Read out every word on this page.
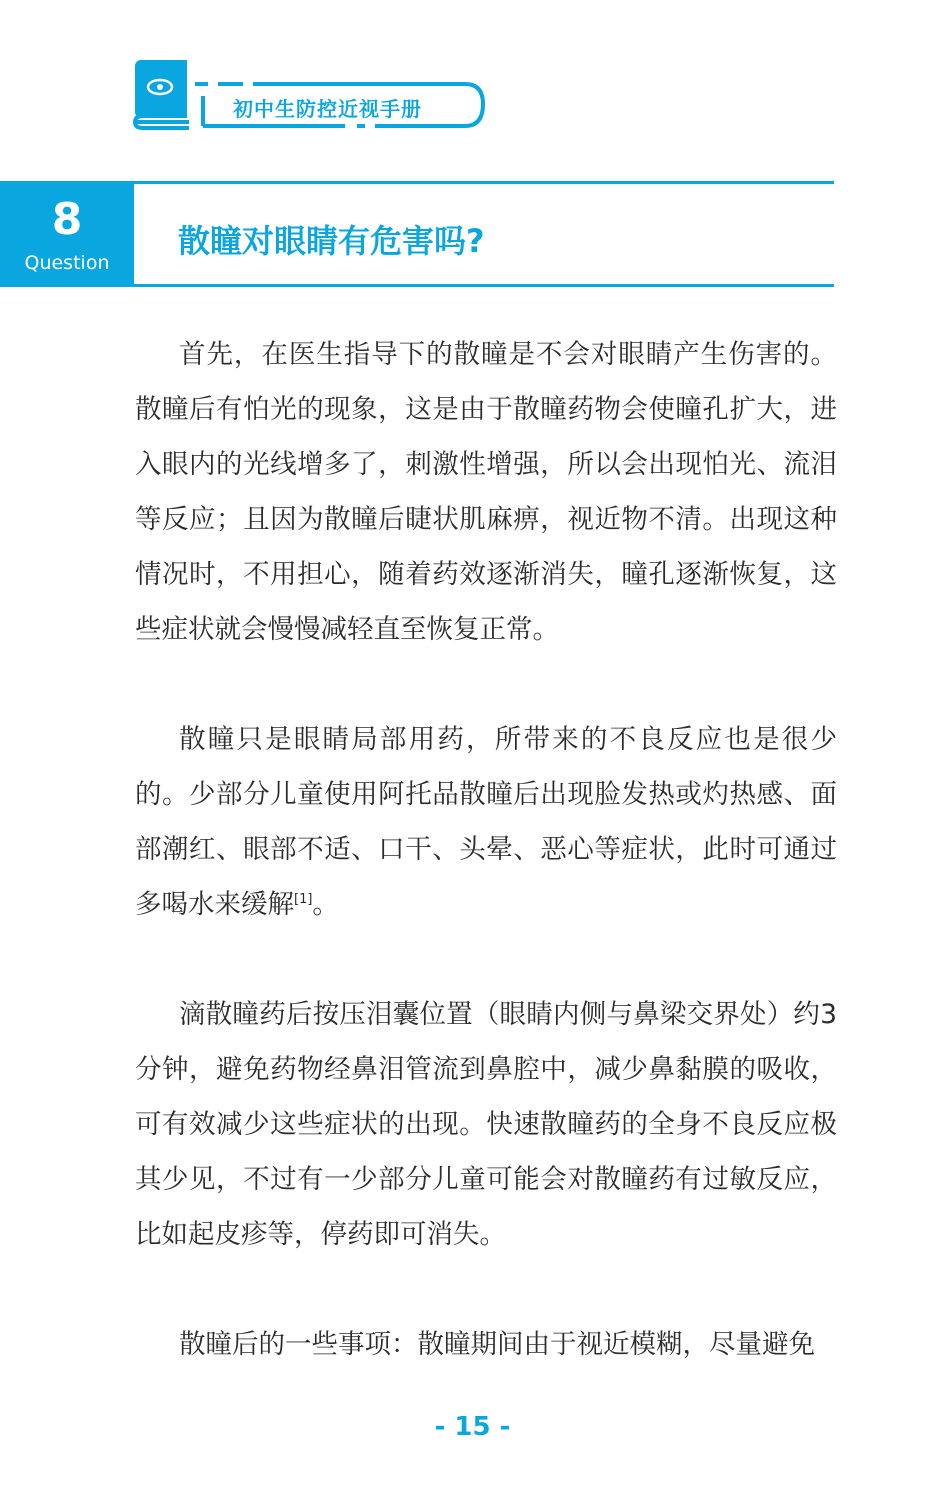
初中生防控近视手册
8
Question
散瞳对眼睛有危害吗?

首先，在医生指导下的散瞳是不会对眼睛产生伤害的。散瞳后有怕光的现象，这是由于散瞳药物会使瞳孔扩大，进入眼内的光线增多了，刺激性增强，所以会出现怕光、流泪等反应；且因为散瞳后睫状肌麻痹，视近物不清。出现这种情况时，不用担心，随着药效逐渐消失，瞳孔逐渐恢复，这些症状就会慢慢减轻直至恢复正常。

散瞳只是眼睛局部用药，所带来的不良反应也是很少的。少部分儿童使用阿托品散瞳后出现脸发热或灼热感、面部潮红、眼部不适、口干、头晕、恶心等症状，此时可通过多喝水来缓解[1]。

滴散瞳药后按压泪囊位置（眼睛内侧与鼻梁交界处）约3分钟，避免药物经鼻泪管流到鼻腔中，减少鼻黏膜的吸收，可有效减少这些症状的出现。快速散瞳药的全身不良反应极其少见，不过有一少部分儿童可能会对散瞳药有过敏反应，比如起皮疹等，停药即可消失。

散瞳后的一些事项：散瞳期间由于视近模糊，尽量避免

- 15 -
